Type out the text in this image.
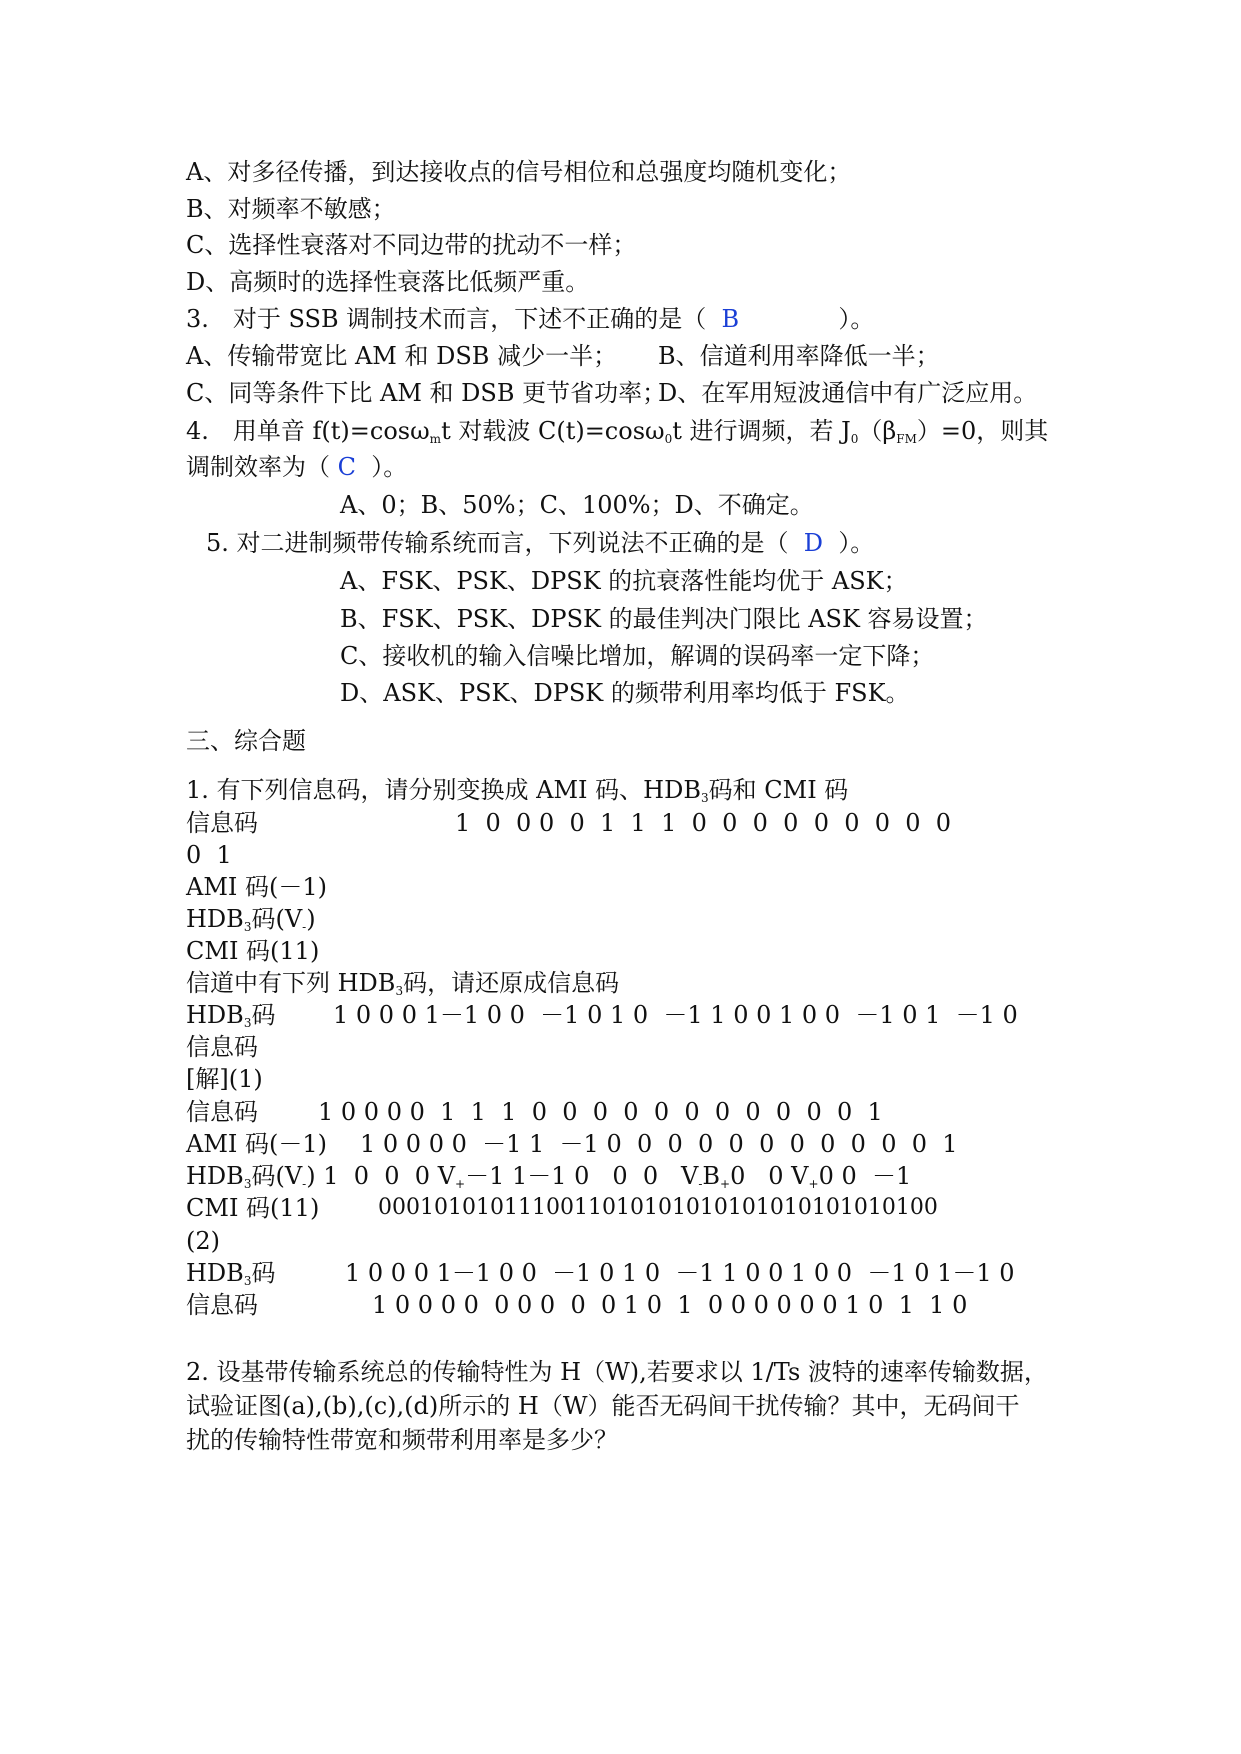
A、对多径传播，到达接收点的信号相位和总强度均随机变化；
B、对频率不敏感；
C、选择性衰落对不同边带的扰动不一样；
D、高频时的选择性衰落比低频严重。
3.　对于 SSB 调制技术而言，下述不正确的是（ B	）。
A、传输带宽比 AM 和 DSB 减少一半； B、信道利用率降低一半；
C、同等条件下比 AM 和 DSB 更节省功率；
D、在军用短波通信中有广泛应用。
4.　用单音 f(t)=cosω$_m$t 对载波 C(t)=cosω$_0$t 进行调频，若 $J_0(\beta_{FM})=0$，则其
调制效率为（ C ）。
A、0；B、50%；C、100%；D、不确定。
5. 对二进制频带传输系统而言，下列说法不正确的是（ D ）。
A、FSK、PSK、DPSK 的抗衰落性能均优于 ASK；
B、FSK、PSK、DPSK 的最佳判决门限比 ASK 容易设置；
C、接收机的输入信噪比增加，解调的误码率一定下降；
D、ASK、PSK、DPSK 的频带利用率均低于 FSK。
三、综合题
1. 有下列信息码，请分别变换成 AMI 码、$HDB_3$码和 CMI 码
信息码	1  0  0 0  0  1  1  1  0  0  0  0  0  0  0  0  0
0  1
AMI 码(－1)
$HDB_3$码$(V_-)$
CMI 码(11)
信道中有下列 $HDB_3$码，请还原成信息码
$HDB_3$码 1 0 0 0 1－1 0 0  －1 0 1 0  －1 1 0 0 1 0 0  －1 0 1  －1 0
信息码
[解](1)
信息码	1 0 0 0 0  1  1  1  0  0  0  0  0  0  0  0  0  0  0  1
AMI 码(－1) 1 0 0 0 0  －1 1  －1 0  0  0  0  0  0  0  0  0  0  0  1
$HDB_3$码$(V_-)$ 1  0  0  0 $V_+-1$ 1－1 0   0  0   $V_-B_+0$   0 $V_+0$ 0  －1
CMI 码(11)	0001010101110011010101010101010101010100
(2)
$HDB_3$码	1 0 0 0 1－1 0 0  －1 0 1 0  －1 1 0 0 1 0 0  －1 0 1－1 0
信息码	1 0 0 0 0  0 0 0  0  0 1 0  1  0 0 0 0 0 0 1 0  1  1 0
2. 设基带传输系统总的传输特性为 H（W),若要求以 1/Ts 波特的速率传输数据，
试验证图(a),(b),(c),(d)所示的 H（W）能否无码间干扰传输？其中，无码间干
扰的传输特性带宽和频带利用率是多少？
